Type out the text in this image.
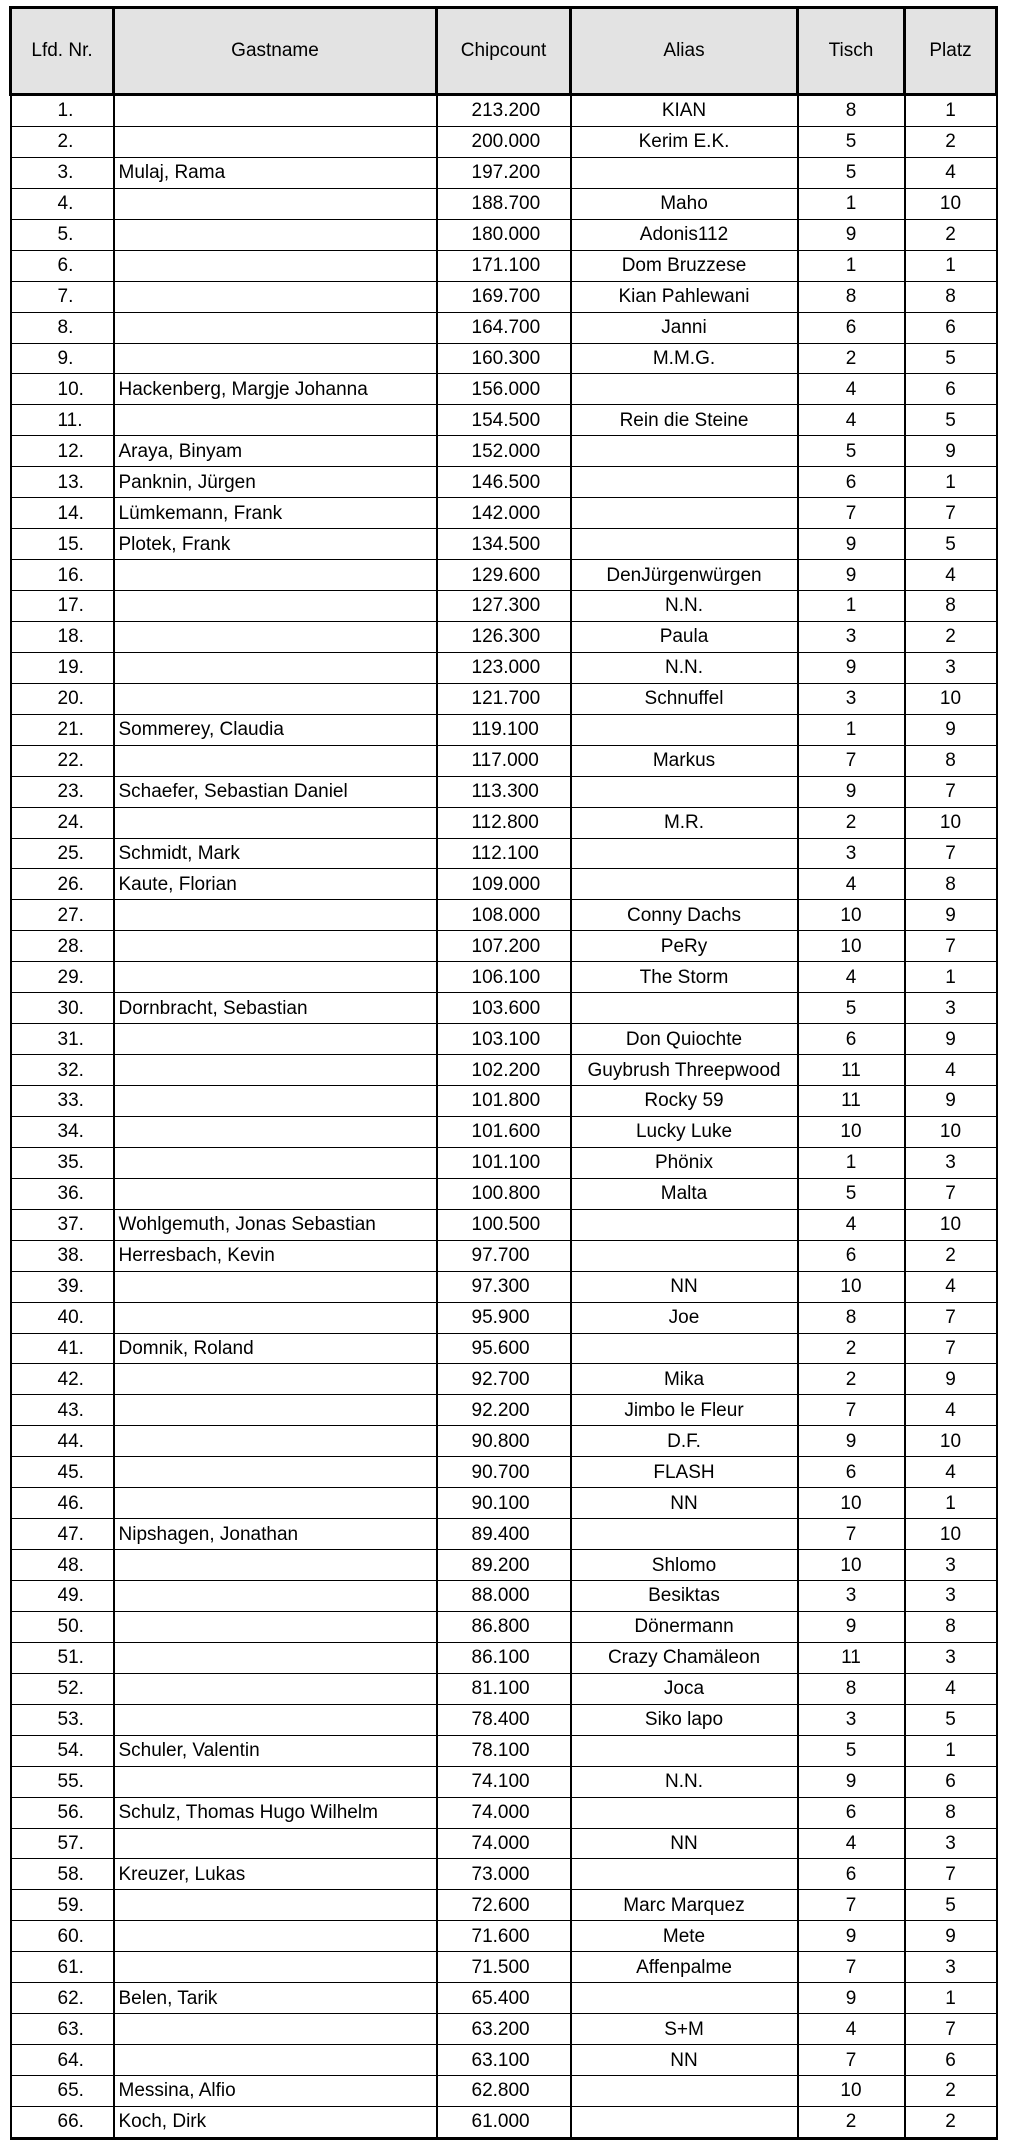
Lfd. Nr.	Gastname	Chipcount	Alias	Tisch	Platz
1.		213.200	KIAN	8	1
2.		200.000	Kerim E.K.	5	2
3.	Mulaj, Rama	197.200		5	4
4.		188.700	Maho	1	10
5.		180.000	Adonis112	9	2
6.		171.100	Dom Bruzzese	1	1
7.		169.700	Kian Pahlewani	8	8
8.		164.700	Janni	6	6
9.		160.300	M.M.G.	2	5
10.	Hackenberg, Margje Johanna	156.000		4	6
11.		154.500	Rein die Steine	4	5
12.	Araya, Binyam	152.000		5	9
13.	Panknin, Jürgen	146.500		6	1
14.	Lümkemann, Frank	142.000		7	7
15.	Plotek, Frank	134.500		9	5
16.		129.600	DenJürgenwürgen	9	4
17.		127.300	N.N.	1	8
18.		126.300	Paula	3	2
19.		123.000	N.N.	9	3
20.		121.700	Schnuffel	3	10
21.	Sommerey, Claudia	119.100		1	9
22.		117.000	Markus	7	8
23.	Schaefer, Sebastian Daniel	113.300		9	7
24.		112.800	M.R.	2	10
25.	Schmidt, Mark	112.100		3	7
26.	Kaute, Florian	109.000		4	8
27.		108.000	Conny Dachs	10	9
28.		107.200	PeRy	10	7
29.		106.100	The Storm	4	1
30.	Dornbracht, Sebastian	103.600		5	3
31.		103.100	Don Quiochte	6	9
32.		102.200	Guybrush Threepwood	11	4
33.		101.800	Rocky 59	11	9
34.		101.600	Lucky Luke	10	10
35.		101.100	Phönix	1	3
36.		100.800	Malta	5	7
37.	Wohlgemuth, Jonas Sebastian	100.500		4	10
38.	Herresbach, Kevin	97.700		6	2
39.		97.300	NN	10	4
40.		95.900	Joe	8	7
41.	Domnik, Roland	95.600		2	7
42.		92.700	Mika	2	9
43.		92.200	Jimbo le Fleur	7	4
44.		90.800	D.F.	9	10
45.		90.700	FLASH	6	4
46.		90.100	NN	10	1
47.	Nipshagen, Jonathan	89.400		7	10
48.		89.200	Shlomo	10	3
49.		88.000	Besiktas	3	3
50.		86.800	Dönermann	9	8
51.		86.100	Crazy Chamäleon	11	3
52.		81.100	Joca	8	4
53.		78.400	Siko lapo	3	5
54.	Schuler, Valentin	78.100		5	1
55.		74.100	N.N.	9	6
56.	Schulz, Thomas Hugo Wilhelm	74.000		6	8
57.		74.000	NN	4	3
58.	Kreuzer, Lukas	73.000		6	7
59.		72.600	Marc Marquez	7	5
60.		71.600	Mete	9	9
61.		71.500	Affenpalme	7	3
62.	Belen, Tarik	65.400		9	1
63.		63.200	S+M	4	7
64.		63.100	NN	7	6
65.	Messina, Alfio	62.800		10	2
66.	Koch, Dirk	61.000		2	2
